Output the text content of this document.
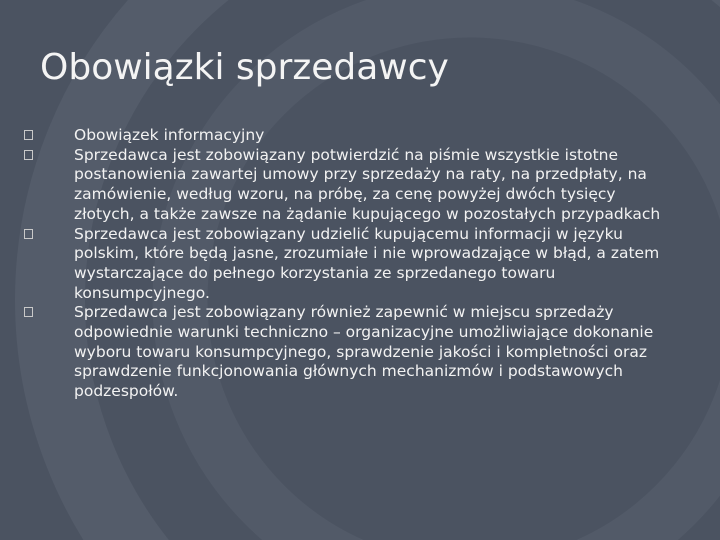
Obowiązki sprzedawcy
Obowiązek informacyjny
Sprzedawca jest zobowiązany potwierdzić na piśmie wszystkie istotne postanowienia zawartej umowy przy sprzedaży na raty, na przedpłaty, na zamówienie, według wzoru, na próbę, za cenę powyżej dwóch tysięcy złotych, a także zawsze na żądanie kupującego w pozostałych przypadkach
Sprzedawca jest zobowiązany udzielić kupującemu informacji w języku polskim, które będą jasne, zrozumiałe i nie wprowadzające w błąd, a zatem wystarczające do pełnego korzystania ze sprzedanego towaru konsumpcyjnego.
Sprzedawca jest zobowiązany również zapewnić w miejscu sprzedaży odpowiednie warunki techniczno – organizacyjne umożliwiające dokonanie wyboru towaru konsumpcyjnego, sprawdzenie jakości i kompletności oraz sprawdzenie funkcjonowania głównych mechanizmów i podstawowych podzespołów.
